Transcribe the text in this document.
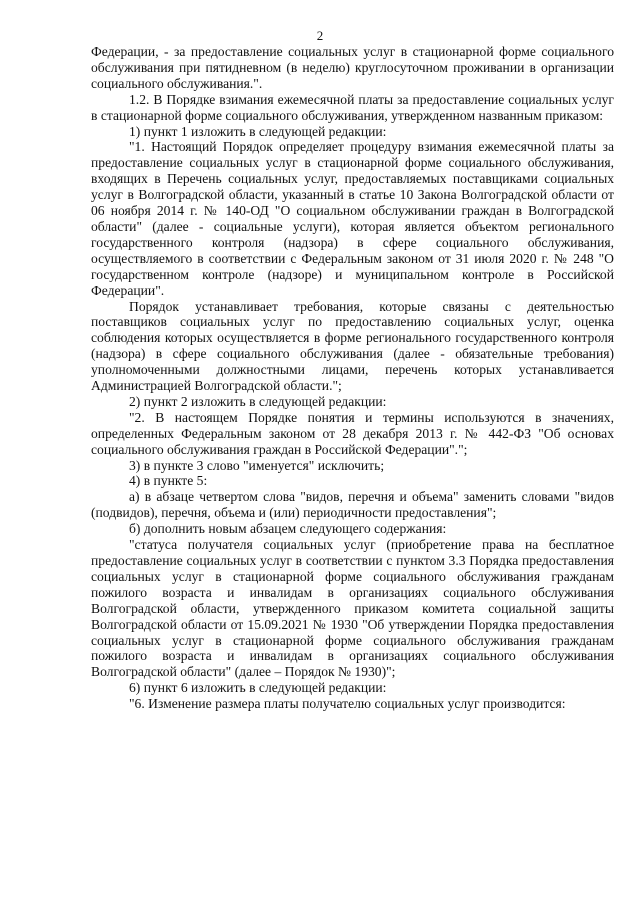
2

Федерации, - за предоставление социальных услуг в стационарной форме социального обслуживания при пятидневном (в неделю) круглосуточном проживании в организации социального обслуживания.".

1.2. В Порядке взимания ежемесячной платы за предоставление социальных услуг в стационарной форме социального обслуживания, утвержденном названным приказом:

1) пункт 1 изложить в следующей редакции:

"1. Настоящий Порядок определяет процедуру взимания ежемесячной платы за предоставление социальных услуг в стационарной форме социального обслуживания, входящих в Перечень социальных услуг, предоставляемых поставщиками социальных услуг в Волгоградской области, указанный в статье 10 Закона Волгоградской области от 06 ноября 2014 г. № 140-ОД "О социальном обслуживании граждан в Волгоградской области" (далее - социальные услуги), которая является объектом регионального государственного контроля (надзора) в сфере социального обслуживания, осуществляемого в соответствии с Федеральным законом от 31 июля 2020 г. № 248 "О государственном контроле (надзоре) и муниципальном контроле в Российской Федерации".

Порядок устанавливает требования, которые связаны с деятельностью поставщиков социальных услуг по предоставлению социальных услуг, оценка соблюдения которых осуществляется в форме регионального государственного контроля (надзора) в сфере социального обслуживания (далее - обязательные требования) уполномоченными должностными лицами, перечень которых устанавливается Администрацией Волгоградской области.";

2) пункт 2 изложить в следующей редакции:

"2. В настоящем Порядке понятия и термины используются в значениях, определенных Федеральным законом от 28 декабря 2013 г. № 442-ФЗ "Об основах социального обслуживания граждан в Российской Федерации".";

3) в пункте 3 слово "именуется" исключить;

4) в пункте 5:

а) в абзаце четвертом слова "видов, перечня и объема" заменить словами "видов (подвидов), перечня, объема и (или) периодичности предоставления";

б) дополнить новым абзацем следующего содержания:

"статуса получателя социальных услуг (приобретение права на бесплатное предоставление социальных услуг в соответствии с пунктом 3.3 Порядка предоставления социальных услуг в стационарной форме социального обслуживания гражданам пожилого возраста и инвалидам в организациях социального обслуживания Волгоградской области, утвержденного приказом комитета социальной защиты Волгоградской области от 15.09.2021 № 1930 "Об утверждении Порядка предоставления социальных услуг в стационарной форме социального обслуживания гражданам пожилого возраста и инвалидам в организациях социального обслуживания Волгоградской области" (далее – Порядок № 1930)";

6) пункт 6 изложить в следующей редакции:

"6. Изменение размера платы получателю социальных услуг производится:
